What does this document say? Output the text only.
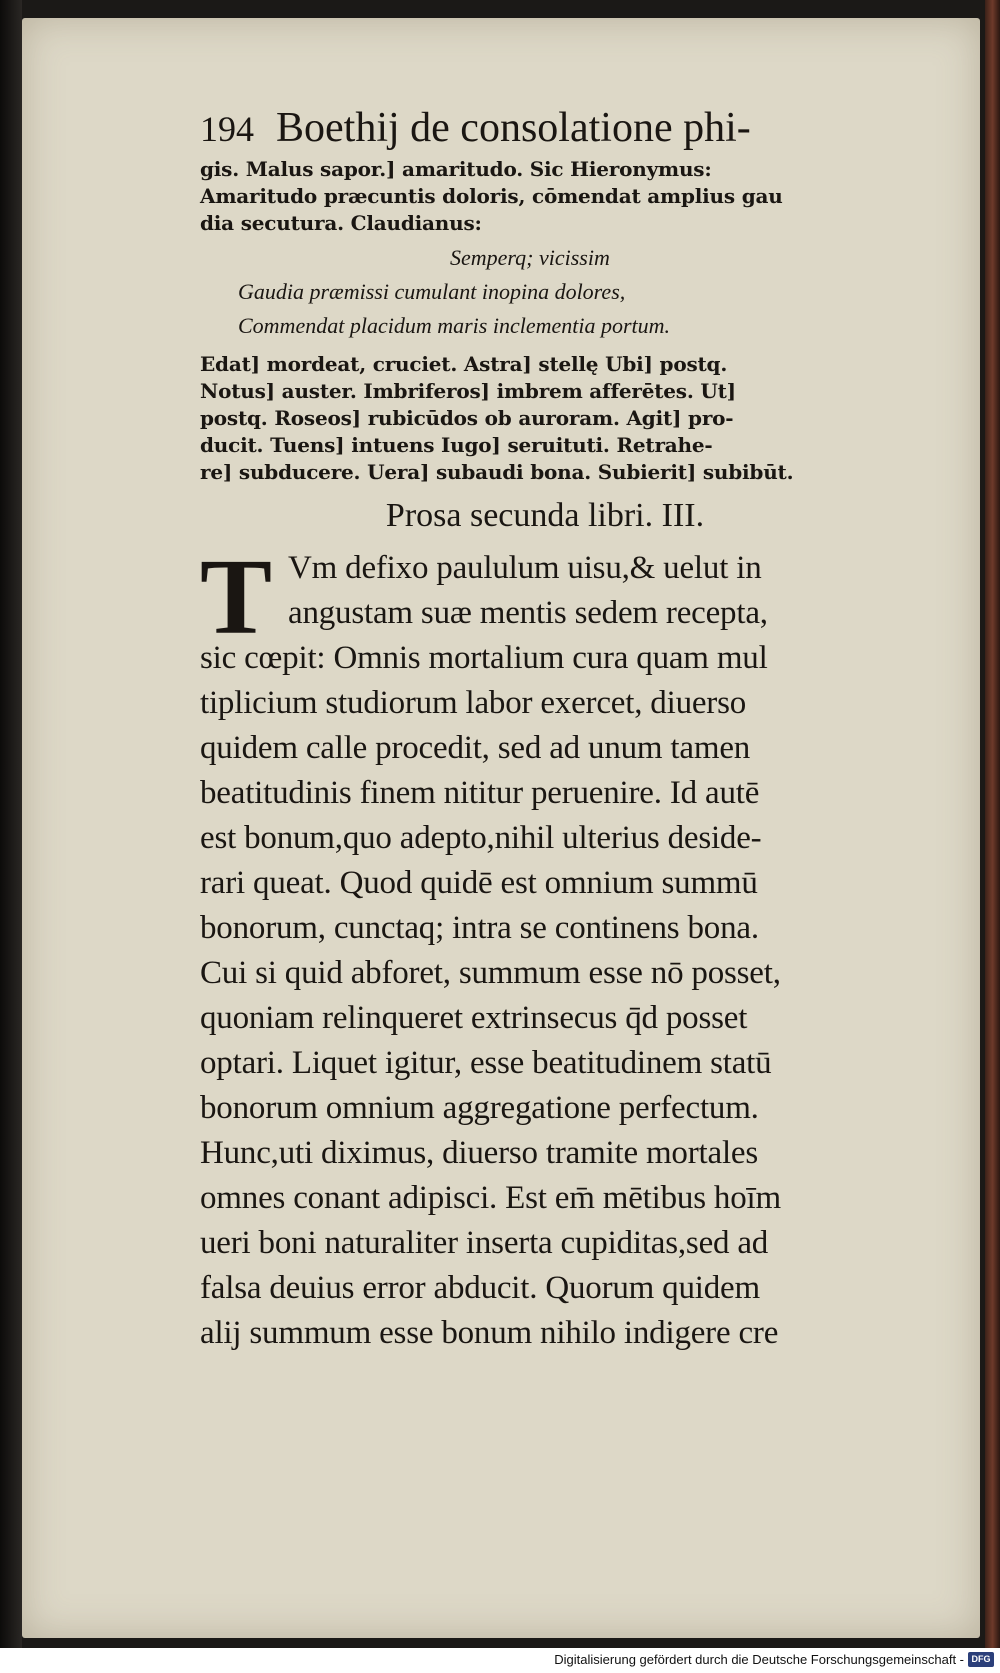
194 Boethij de consolatione phi-
gis. Malus sapor.] amaritudo. Sic Hieronymus:
Amaritudo præcuntis doloris, cōmendat amplius gau
dia secutura. Claudianus:
Semperq; vicissim
Gaudia præmissi cumulant inopina dolores,
Commendat placidum maris inclementia portum.
Edat] mordeat, cruciet. Astra] stellę Ubi] postq.
Notus] auster. Imbriferos] imbrem afferētes. Ut]
postq. Roseos] rubicūdos ob auroram. Agit] pro-
ducit. Tuens] intuens Iugo] seruituti. Retrahe-
re] subducere. Uera] subaudi bona. Subierit] subibūt.
Prosa secunda libri. III.
T Vm defixo paululum uisu,& uelut in
angustam suæ mentis sedem recepta,
sic cœpit: Omnis mortalium cura quam mul
tiplicium studiorum labor exercet, diuerso
quidem calle procedit, sed ad unum tamen
beatitudinis finem nititur peruenire. Id autē
est bonum,quo adepto,nihil ulterius deside-
rari queat. Quod quidē est omnium summū
bonorum, cunctaq; intra se continens bona.
Cui si quid abforet, summum esse nō posset,
quoniam relinqueret extrinsecus q̄d posset
optari. Liquet igitur, esse beatitudinem statū
bonorum omnium aggregatione perfectum.
Hunc,uti diximus, diuerso tramite mortales
omnes conant adipisci. Est em̄ mētibus hoīm
ueri boni naturaliter inserta cupiditas,sed ad
falsa deuius error abducit. Quorum quidem
alij summum esse bonum nihilo indigere cre
Digitalisierung gefördert durch die Deutsche Forschungsgemeinschaft - DFG
